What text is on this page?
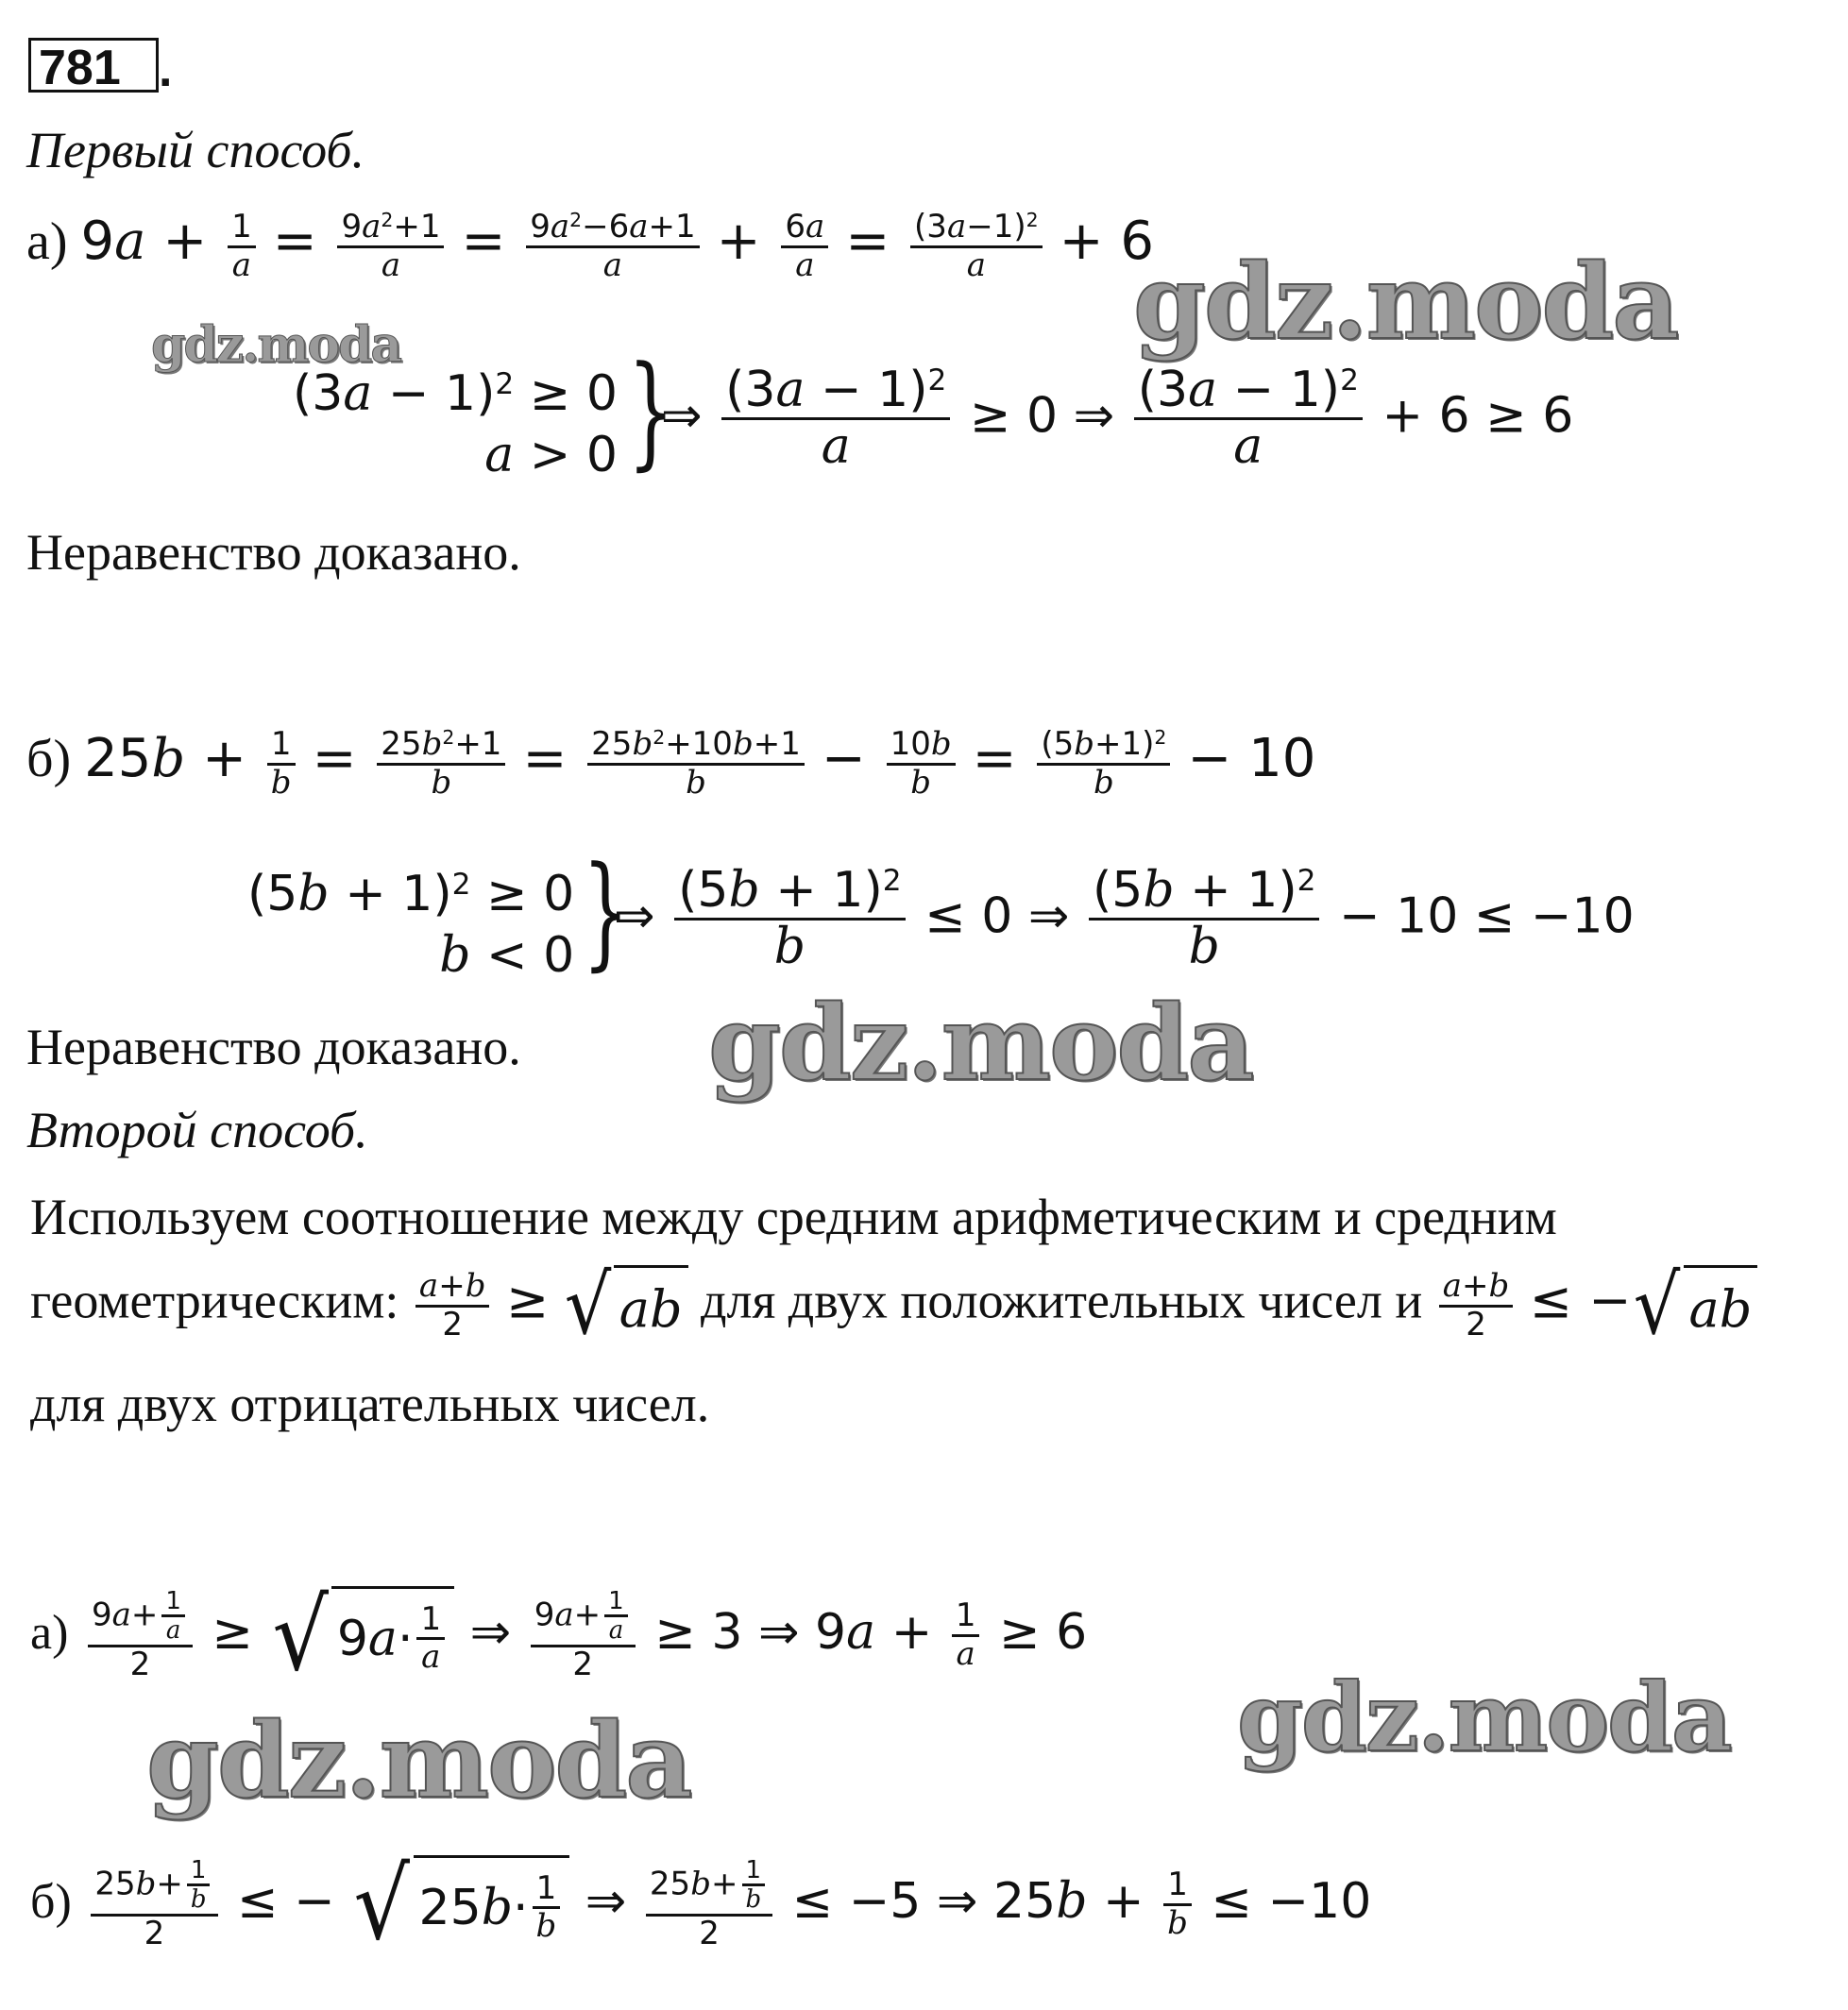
781 .
Первый способ.
а) $9a + \frac{1}{a} = \frac{9a^2+1}{a} = \frac{9a^2-6a+1}{a} + \frac{6a}{a} = \frac{(3a-1)^2}{a} + 6$
$(3a - 1)^2 \ge 0$
a > 0 }
⇒ $\frac{(3a - 1)^2}{a} \ge 0$ ⇒ $\frac{(3a - 1)^2}{a} + 6 \ge 6$
Неравенство доказано.
б) $25b + \frac{1}{b} = \frac{25b^2+1}{b} = \frac{25b^2+10b+1}{b} - \frac{10b}{b} = \frac{(5b+1)^2}{b} - 10$
$(5b + 1)^2 \ge 0$
b < 0 }
⇒ $\frac{(5b + 1)^2}{b} \le 0$ ⇒ $\frac{(5b + 1)^2}{b} - 10 \le -10$
Неравенство доказано.
Второй способ.
Используем соотношение между средним арифметическим и средним
геометрическим: $\frac{a+b}{2}$ ≥ √ ab для двух положительных чисел и $\frac{a+b}{2}$ ≤ − √ ab
для двух отрицательных чисел.
$а) \frac{9a+ \frac{1}{a}}{2}$ ≥ √ 9 $a \cdot \frac{1}{a}$ ⇒ $\frac{9a+ \frac{1}{a}}{2} \ge 3$ ⇒ $9a + \frac{1}{a} \ge 6$
$б) \frac{25b+ \frac{1}{b}}{2}$ ≤ − √ 25 $b \cdot \frac{1}{b}$ ⇒ $\frac{25b+ \frac{1}{b}}{2} \le -5$ ⇒ $25b + \frac{1}{b} \le -10$
gdz.moda
gdz.moda
gdz.moda
gdz.moda
gdz.moda
